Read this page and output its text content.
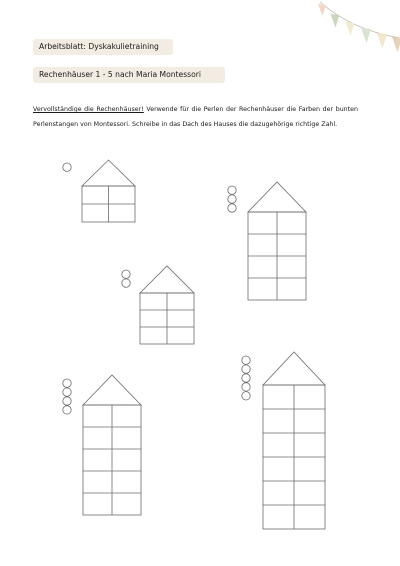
Arbeitsblatt: Dyskakulietraining
Rechenhäuser 1 - 5 nach Maria Montessori
Vervollständige die Rechenhäuser! Verwende für die Perlen der Rechenhäuser die Farben der bunten Perlenstangen von Montessori. Schreibe in das Dach des Hauses die dazugehörige richtige Zahl.
